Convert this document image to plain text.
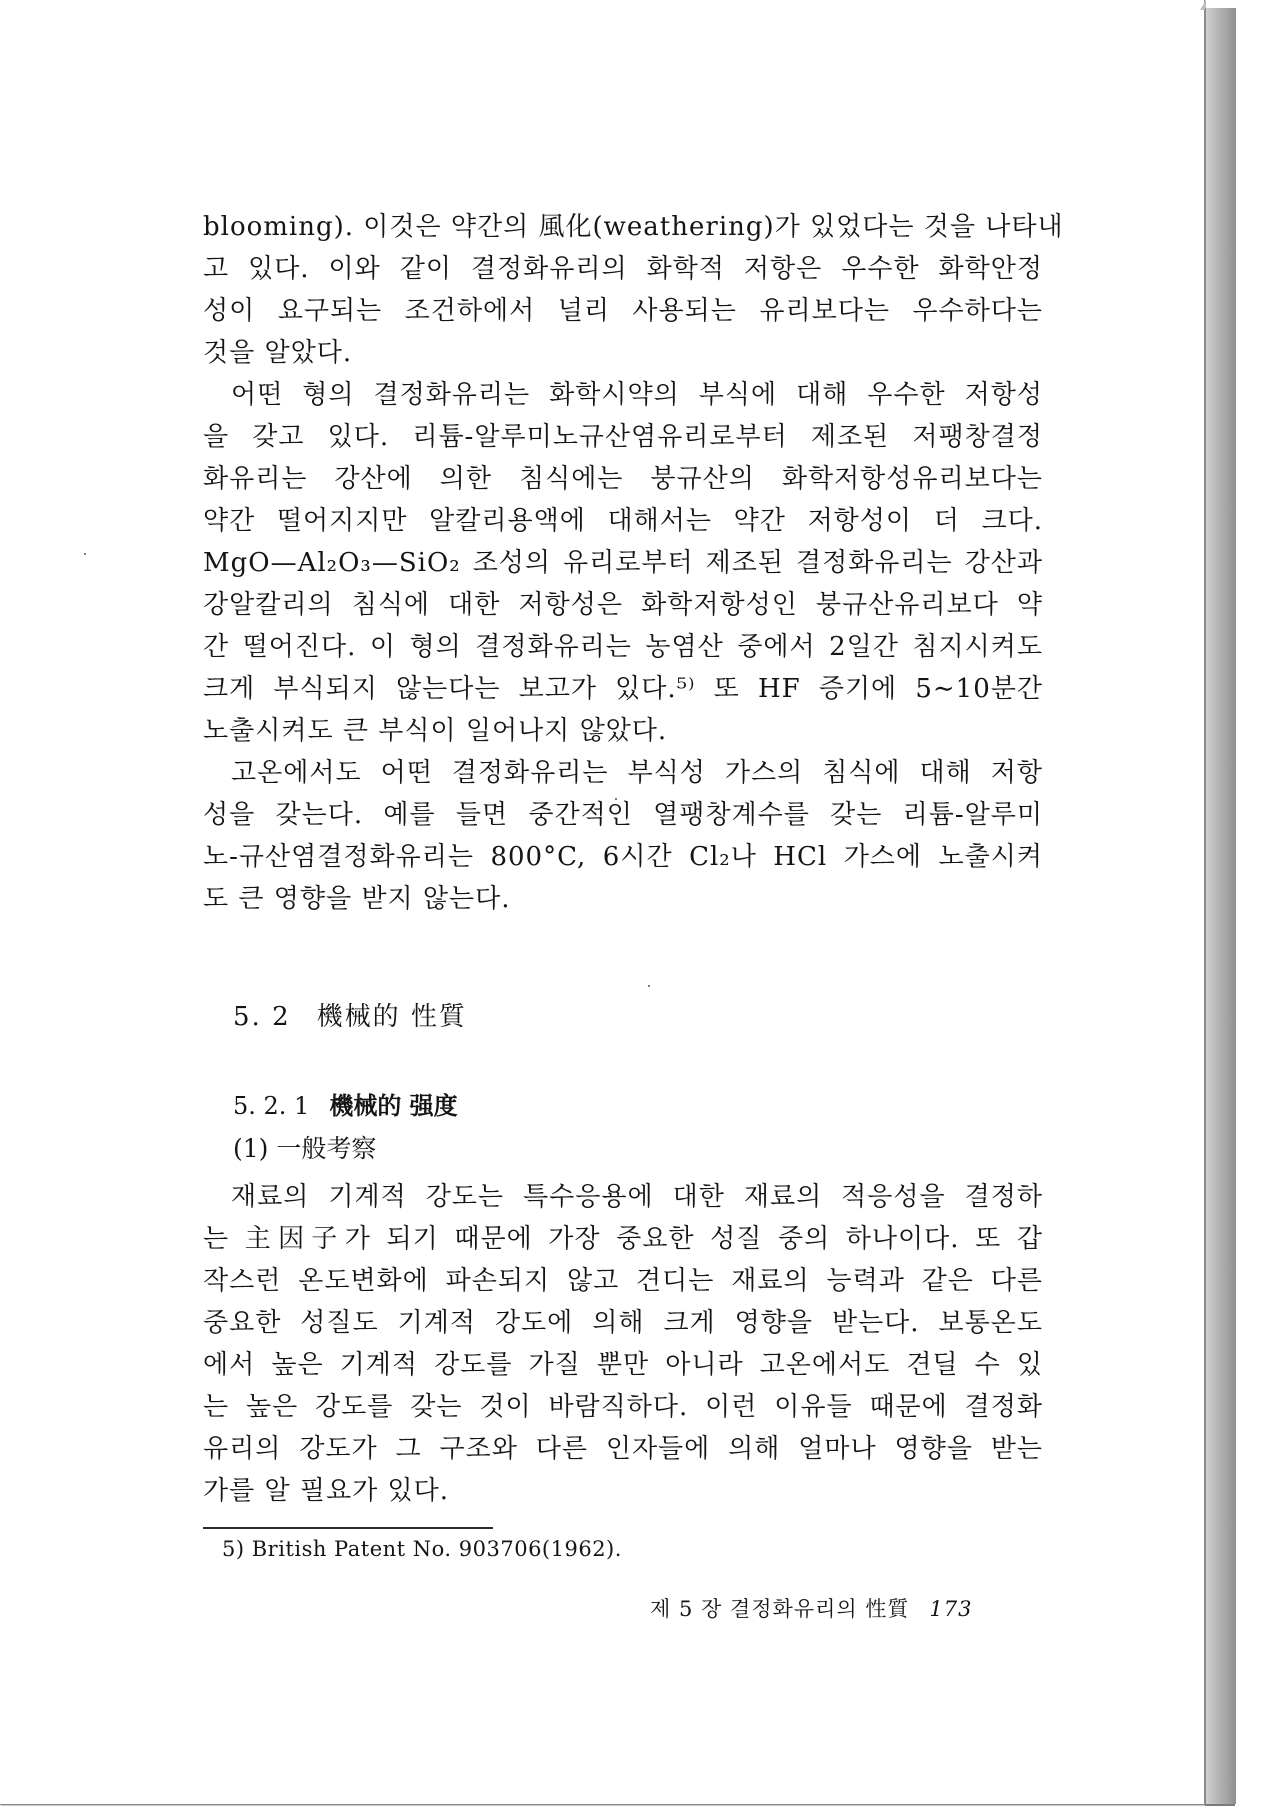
blooming). 이것은 약간의 風化(weathering)가 있었다는 것을 나타내
고 있다. 이와 같이 결정화유리의 화학적 저항은 우수한 화학안정
성이 요구되는 조건하에서 널리 사용되는 유리보다는 우수하다는
것을 알았다.
어떤 형의 결정화유리는 화학시약의 부식에 대해 우수한 저항성
을 갖고 있다. 리튬-알루미노규산염유리로부터 제조된 저팽창결정
화유리는 강산에 의한 침식에는 붕규산의 화학저항성유리보다는
약간 떨어지지만 알칼리용액에 대해서는 약간 저항성이 더 크다.
MgO—Al₂O₃—SiO₂ 조성의 유리로부터 제조된 결정화유리는 강산과
강알칼리의 침식에 대한 저항성은 화학저항성인 붕규산유리보다 약
간 떨어진다. 이 형의 결정화유리는 농염산 중에서 2일간 침지시켜도
크게 부식되지 않는다는 보고가 있다.⁵⁾ 또 HF 증기에 5∼10분간
노출시켜도 큰 부식이 일어나지 않았다.
고온에서도 어떤 결정화유리는 부식성 가스의 침식에 대해 저항
성을 갖는다. 예를 들면 중간적인 열팽창계수를 갖는 리튬-알루미
노-규산염결정화유리는 800°C, 6시간 Cl₂나 HCl 가스에 노출시켜
도 큰 영향을 받지 않는다.
5. 2 機械的 性質
5. 2. 1 機械的 强度
(1) 一般考察
재료의 기계적 강도는 특수응용에 대한 재료의 적응성을 결정하
는 主因子가 되기 때문에 가장 중요한 성질 중의 하나이다. 또 갑
작스런 온도변화에 파손되지 않고 견디는 재료의 능력과 같은 다른
중요한 성질도 기계적 강도에 의해 크게 영향을 받는다. 보통온도
에서 높은 기계적 강도를 가질 뿐만 아니라 고온에서도 견딜 수 있
는 높은 강도를 갖는 것이 바람직하다. 이런 이유들 때문에 결정화
유리의 강도가 그 구조와 다른 인자들에 의해 얼마나 영향을 받는
가를 알 필요가 있다.
5) British Patent No. 903706(1962).
제 5 장 결정화유리의 性質 173
